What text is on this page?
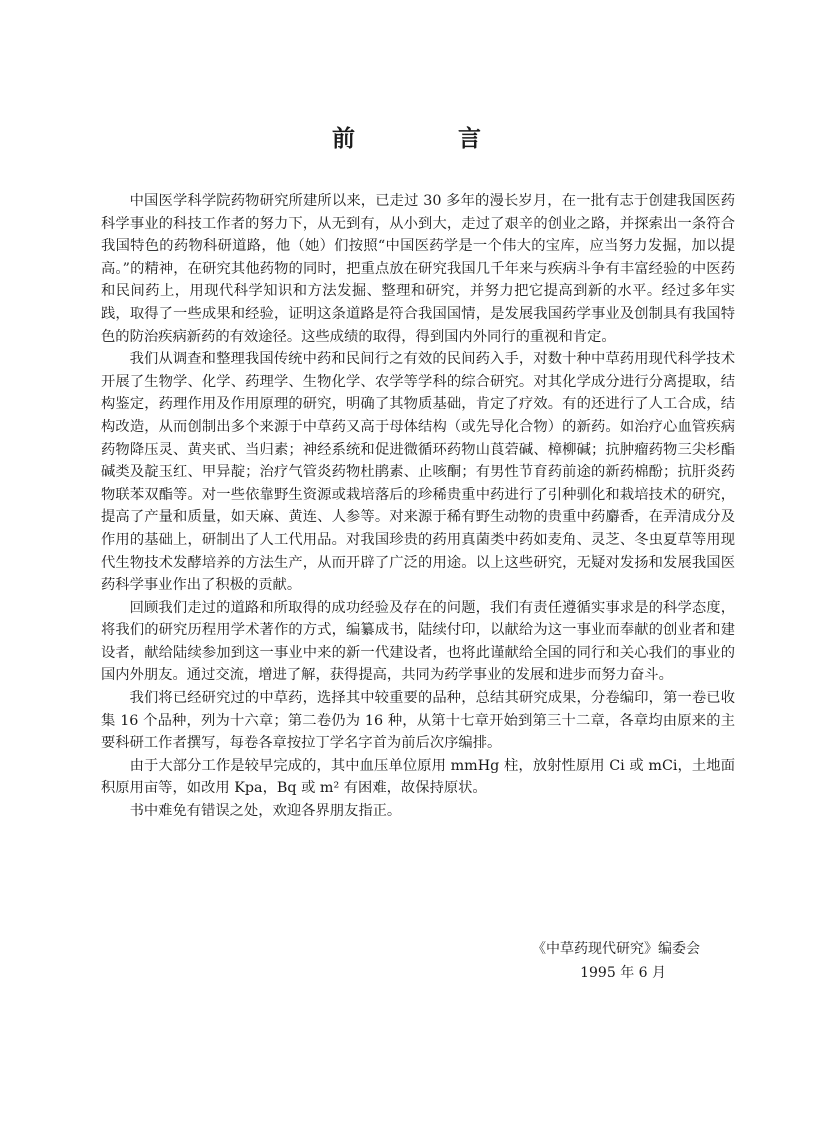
前　言

中国医学科学院药物研究所建所以来，已走过 30 多年的漫长岁月，在一批有志于创建我国医药科学事业的科技工作者的努力下，从无到有，从小到大，走过了艰辛的创业之路，并探索出一条符合我国特色的药物科研道路，他（她）们按照“中国医药学是一个伟大的宝库，应当努力发掘，加以提高。”的精神，在研究其他药物的同时，把重点放在研究我国几千年来与疾病斗争有丰富经验的中医药和民间药上，用现代科学知识和方法发掘、整理和研究，并努力把它提高到新的水平。经过多年实践，取得了一些成果和经验，证明这条道路是符合我国国情，是发展我国药学事业及创制具有我国特色的防治疾病新药的有效途径。这些成绩的取得，得到国内外同行的重视和肯定。

我们从调查和整理我国传统中药和民间行之有效的民间药入手，对数十种中草药用现代科学技术开展了生物学、化学、药理学、生物化学、农学等学科的综合研究。对其化学成分进行分离提取，结构鉴定，药理作用及作用原理的研究，明确了其物质基础，肯定了疗效。有的还进行了人工合成，结构改造，从而创制出多个来源于中草药又高于母体结构（或先导化合物）的新药。如治疗心血管疾病药物降压灵、黄夹甙、当归素；神经系统和促进微循环药物山莨菪碱、樟柳碱；抗肿瘤药物三尖杉酯碱类及靛玉红、甲异靛；治疗气管炎药物杜鹃素、止咳酮；有男性节育药前途的新药棉酚；抗肝炎药物联苯双酯等。对一些依靠野生资源或栽培落后的珍稀贵重中药进行了引种驯化和栽培技术的研究，提高了产量和质量，如天麻、黄连、人参等。对来源于稀有野生动物的贵重中药麝香，在弄清成分及作用的基础上，研制出了人工代用品。对我国珍贵的药用真菌类中药如麦角、灵芝、冬虫夏草等用现代生物技术发酵培养的方法生产，从而开辟了广泛的用途。以上这些研究，无疑对发扬和发展我国医药科学事业作出了积极的贡献。

回顾我们走过的道路和所取得的成功经验及存在的问题，我们有责任遵循实事求是的科学态度，将我们的研究历程用学术著作的方式，编纂成书，陆续付印，以献给为这一事业而奉献的创业者和建设者，献给陆续参加到这一事业中来的新一代建设者，也将此谨献给全国的同行和关心我们的事业的国内外朋友。通过交流，增进了解，获得提高，共同为药学事业的发展和进步而努力奋斗。

我们将已经研究过的中草药，选择其中较重要的品种，总结其研究成果，分卷编印，第一卷已收集 16 个品种，列为十六章；第二卷仍为 16 种，从第十七章开始到第三十二章，各章均由原来的主要科研工作者撰写，每卷各章按拉丁学名字首为前后次序编排。

由于大部分工作是较早完成的，其中血压单位原用 mmHg 柱，放射性原用 Ci 或 mCi，土地面积原用亩等，如改用 Kpa，Bq 或 m² 有困难，故保持原状。

书中难免有错误之处，欢迎各界朋友指正。

《中草药现代研究》编委会
1995 年 6 月
